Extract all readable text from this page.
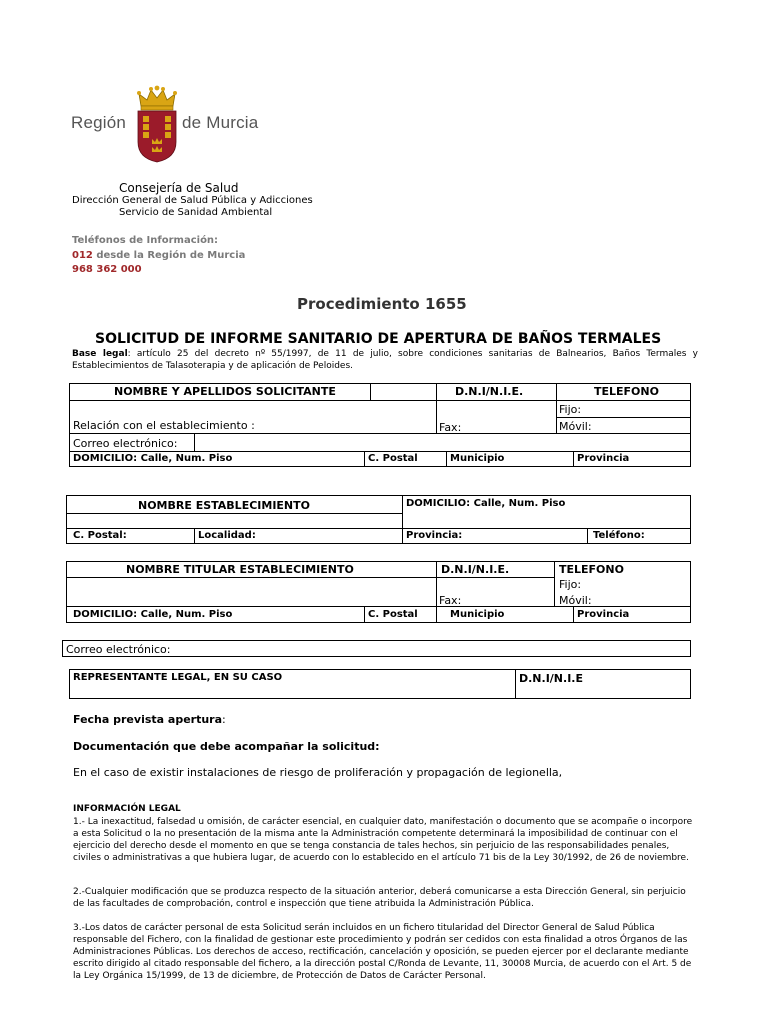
Región	de Murcia
Consejería de Salud
Dirección General de Salud Pública y Adicciones
Servicio de Sanidad Ambiental
Teléfonos de Información:
012 desde la Región de Murcia
968 362 000
Procedimiento 1655
SOLICITUD DE INFORME SANITARIO DE APERTURA DE BAÑOS TERMALES
Base legal: artículo 25 del decreto nº 55/1997, de 11 de julio, sobre condiciones sanitarias de Balnearios, Baños Termales y Establecimientos de Talasoterapia y de aplicación de Peloides.
NOMBRE Y APELLIDOS SOLICITANTE	D.N.I/N.I.E.	TELEFONO
Fijo:
Relación con el establecimiento :	Fax:	Móvil:
Correo electrónico:
DOMICILIO: Calle, Num. Piso	C. Postal	Municipio	Provincia
NOMBRE ESTABLECIMIENTO	DOMICILIO: Calle, Num. Piso
C. Postal:	Localidad:	Provincia:	Teléfono:
NOMBRE TITULAR ESTABLECIMIENTO	D.N.I/N.I.E.	TELEFONO
Fijo:
Fax:	Móvil:
DOMICILIO: Calle, Num. Piso	C. Postal	Municipio	Provincia
Correo electrónico:
REPRESENTANTE LEGAL, EN SU CASO	D.N.I/N.I.E
Fecha prevista apertura:
Documentación que debe acompañar la solicitud:
En el caso de existir instalaciones de riesgo de proliferación y propagación de legionella,
INFORMACIÓN LEGAL
1.- La inexactitud, falsedad u omisión, de carácter esencial, en cualquier dato, manifestación o documento que se acompañe o incorpore a esta Solicitud o la no presentación de la misma ante la Administración competente determinará la imposibilidad de continuar con el ejercicio del derecho desde el momento en que se tenga constancia de tales hechos, sin perjuicio de las responsabilidades penales, civiles o administrativas a que hubiera lugar, de acuerdo con lo establecido en el artículo 71 bis de la Ley 30/1992, de 26 de noviembre.
2.-Cualquier modificación que se produzca respecto de la situación anterior, deberá comunicarse a esta Dirección General, sin perjuicio de las facultades de comprobación, control e inspección que tiene atribuida la Administración Pública.
3.-Los datos de carácter personal de esta Solicitud serán incluidos en un fichero titularidad del Director General de Salud Pública responsable del Fichero, con la finalidad de gestionar este procedimiento y podrán ser cedidos con esta finalidad a otros Órganos de las Administraciones Públicas. Los derechos de acceso, rectificación, cancelación y oposición, se pueden ejercer por el declarante mediante escrito dirigido al citado responsable del fichero, a la dirección postal C/Ronda de Levante, 11, 30008 Murcia, de acuerdo con el Art. 5 de la Ley Orgánica 15/1999, de 13 de diciembre, de Protección de Datos de Carácter Personal.
